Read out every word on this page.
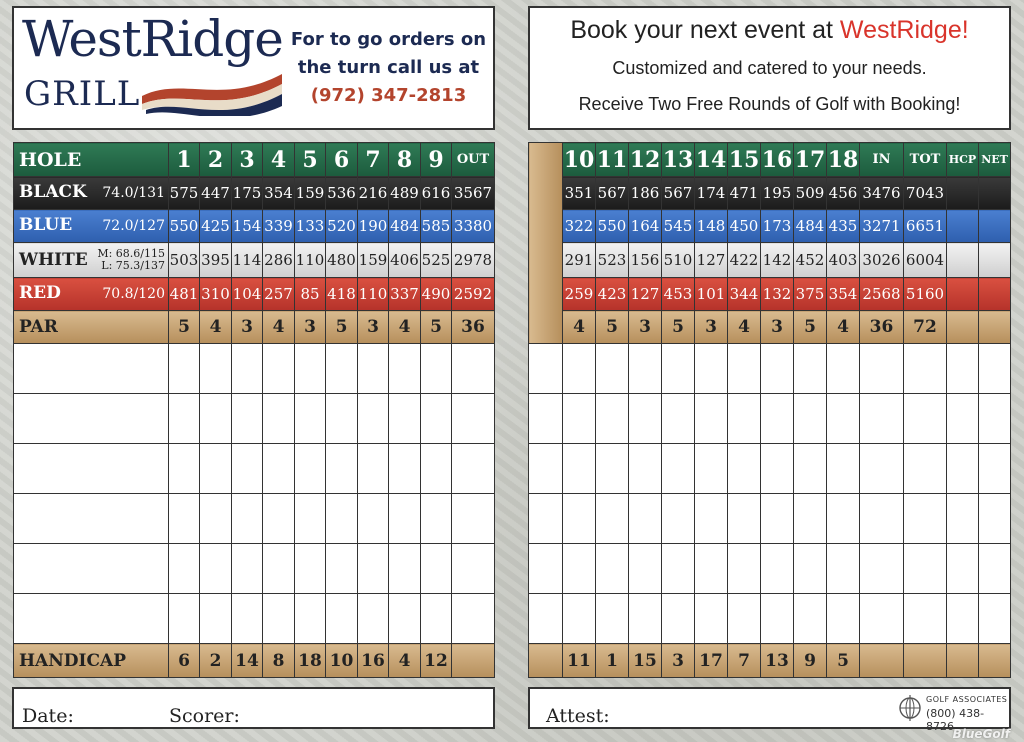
WestRidge
GRILL
For to go orders on
the turn call us at
(972) 347-2813
Book your next event at WestRidge!
Customized and catered to your needs.
Receive Two Free Rounds of Golf with Booking!
HOLE	1	2	3	4	5	6	7	8	9	OUT

BLACK 74.0/131	575	447	175	354	159	536	216	489	616	3567

BLUE 72.0/127	550	425	154	339	133	520	190	484	585	3380

WHITE M: 68.6/115
L: 75.3/137	503	395	114	286	110	480	159	406	525	2978

RED 70.8/120	481	310	104	257	85	418	110	337	490	2592
PAR	5	4	3	4	3	5	3	4	5	36

HANDICAP	6	2	14	8	18	10	16	4	12	
	10	11	12	13	14	15	16	17	18	IN	TOT	HCP	NET
	351	567	186	567	174	471	195	509	456	3476	7043		
	322	550	164	545	148	450	173	484	435	3271	6651		
	291	523	156	510	127	422	142	452	403	3026	6004		
	259	423	127	453	101	344	132	375	354	2568	5160		
	4	5	3	5	3	4	3	5	4	36	72		

	11	1	15	3	17	7	13	9	5				
Date:	Scorer:	Attest:
GOLF ASSOCIATES
(800) 438-8726
BlueGolf
